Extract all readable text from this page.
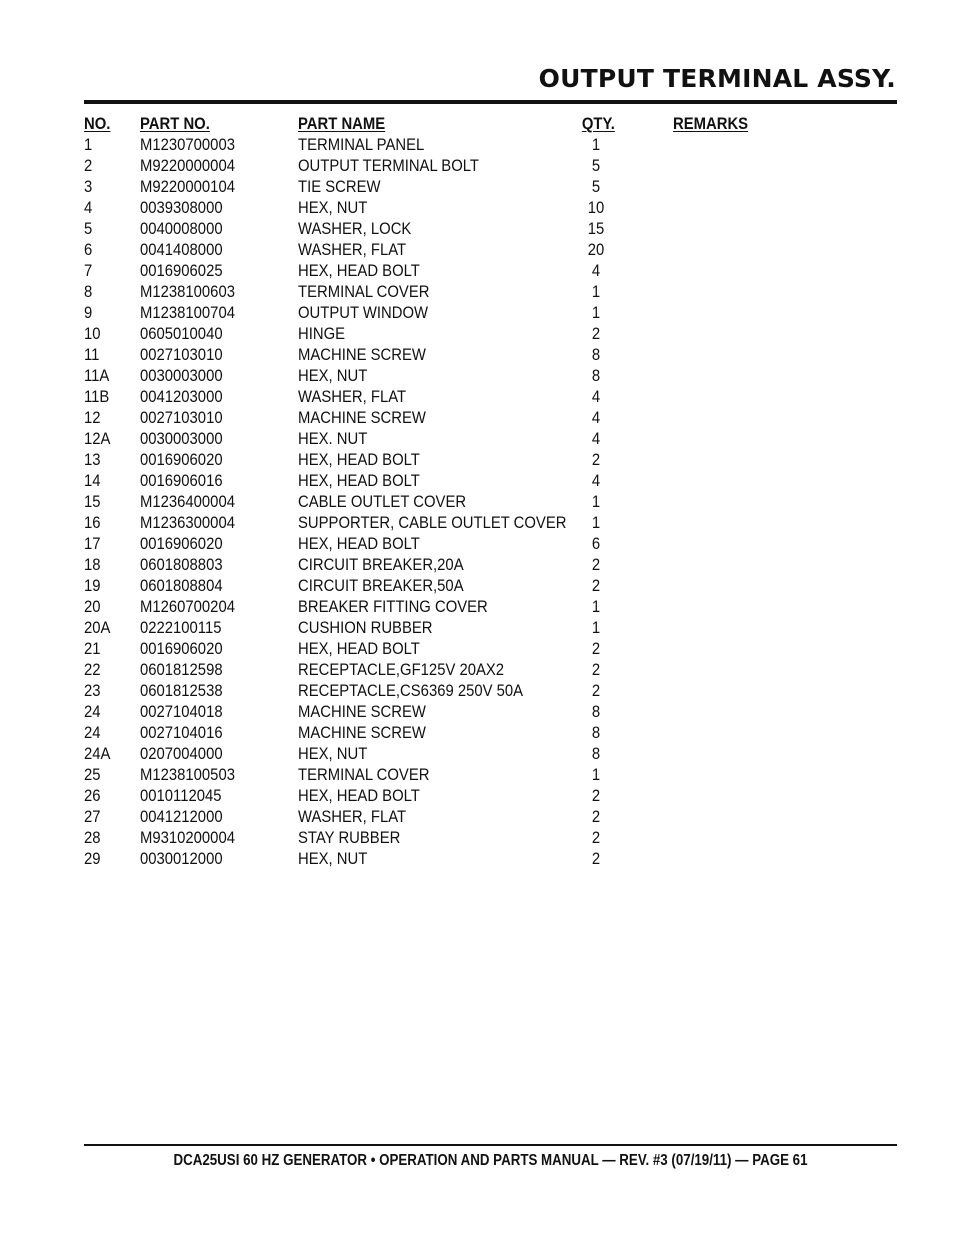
OUTPUT TERMINAL ASSY.
NO. PART NO.	PART NAME	QTY.	REMARKS
1	M1230700003	TERMINAL PANEL	1
2	M9220000004	OUTPUT TERMINAL BOLT	5
3	M9220000104	TIE SCREW	5
4	0039308000	HEX, NUT	10
5	0040008000	WASHER, LOCK	15
6	0041408000	WASHER, FLAT	20
7	0016906025	HEX, HEAD BOLT	4
8	M1238100603	TERMINAL COVER	1
9	M1238100704	OUTPUT WINDOW	1
10 0605010040	HINGE	2
11 0027103010	MACHINE SCREW	8
11A 0030003000	HEX, NUT	8
11B 0041203000	WASHER, FLAT	4
12 0027103010	MACHINE SCREW	4
12A 0030003000	HEX. NUT	4
13 0016906020	HEX, HEAD BOLT	2
14 0016906016	HEX, HEAD BOLT	4
15 M1236400004	CABLE OUTLET COVER	1
16 M1236300004	SUPPORTER, CABLE OUTLET COVER	1
17 0016906020	HEX, HEAD BOLT	6
18 0601808803	CIRCUIT BREAKER,20A	2
19 0601808804	CIRCUIT BREAKER,50A	2
20 M1260700204	BREAKER FITTING COVER	1
20A 0222100115	CUSHION RUBBER	1
21 0016906020	HEX, HEAD BOLT	2
22 0601812598	RECEPTACLE,GF125V 20AX2	2
23 0601812538	RECEPTACLE,CS6369 250V 50A	2
24 0027104018	MACHINE SCREW	8
24 0027104016	MACHINE SCREW	8
24A 0207004000	HEX, NUT	8
25 M1238100503	TERMINAL COVER	1
26 0010112045	HEX, HEAD BOLT	2
27 0041212000	WASHER, FLAT	2
28 M9310200004	STAY RUBBER	2
29 0030012000	HEX, NUT	2
DCA25USI 60 HZ GENERATOR • OPERATION AND PARTS MANUAL — REV. #3 (07/19/11) — PAGE 61
